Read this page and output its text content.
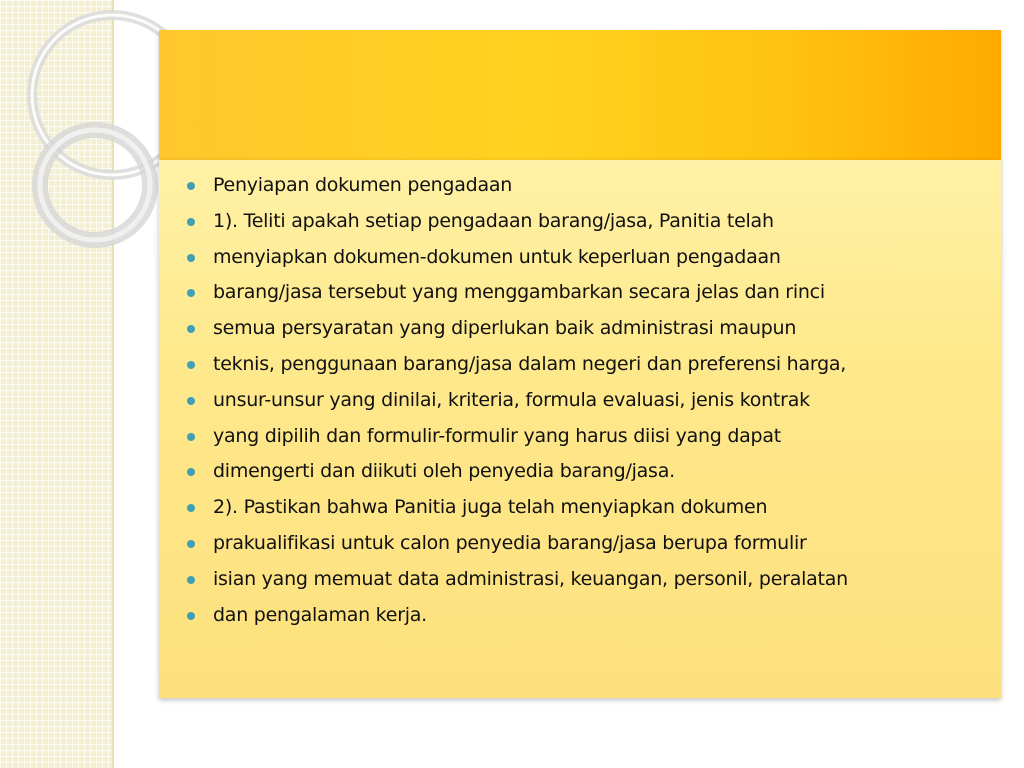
Penyiapan dokumen pengadaan
1). Teliti apakah setiap pengadaan barang/jasa, Panitia telah
menyiapkan dokumen-dokumen untuk keperluan pengadaan
barang/jasa tersebut yang menggambarkan secara jelas dan rinci
semua persyaratan yang diperlukan baik administrasi maupun
teknis, penggunaan barang/jasa dalam negeri dan preferensi harga,
unsur-unsur yang dinilai, kriteria, formula evaluasi, jenis kontrak
yang dipilih dan formulir-formulir yang harus diisi yang dapat
dimengerti dan diikuti oleh penyedia barang/jasa.
2). Pastikan bahwa Panitia juga telah menyiapkan dokumen
prakualifikasi untuk calon penyedia barang/jasa berupa formulir
isian yang memuat data administrasi, keuangan, personil, peralatan
dan pengalaman kerja.
